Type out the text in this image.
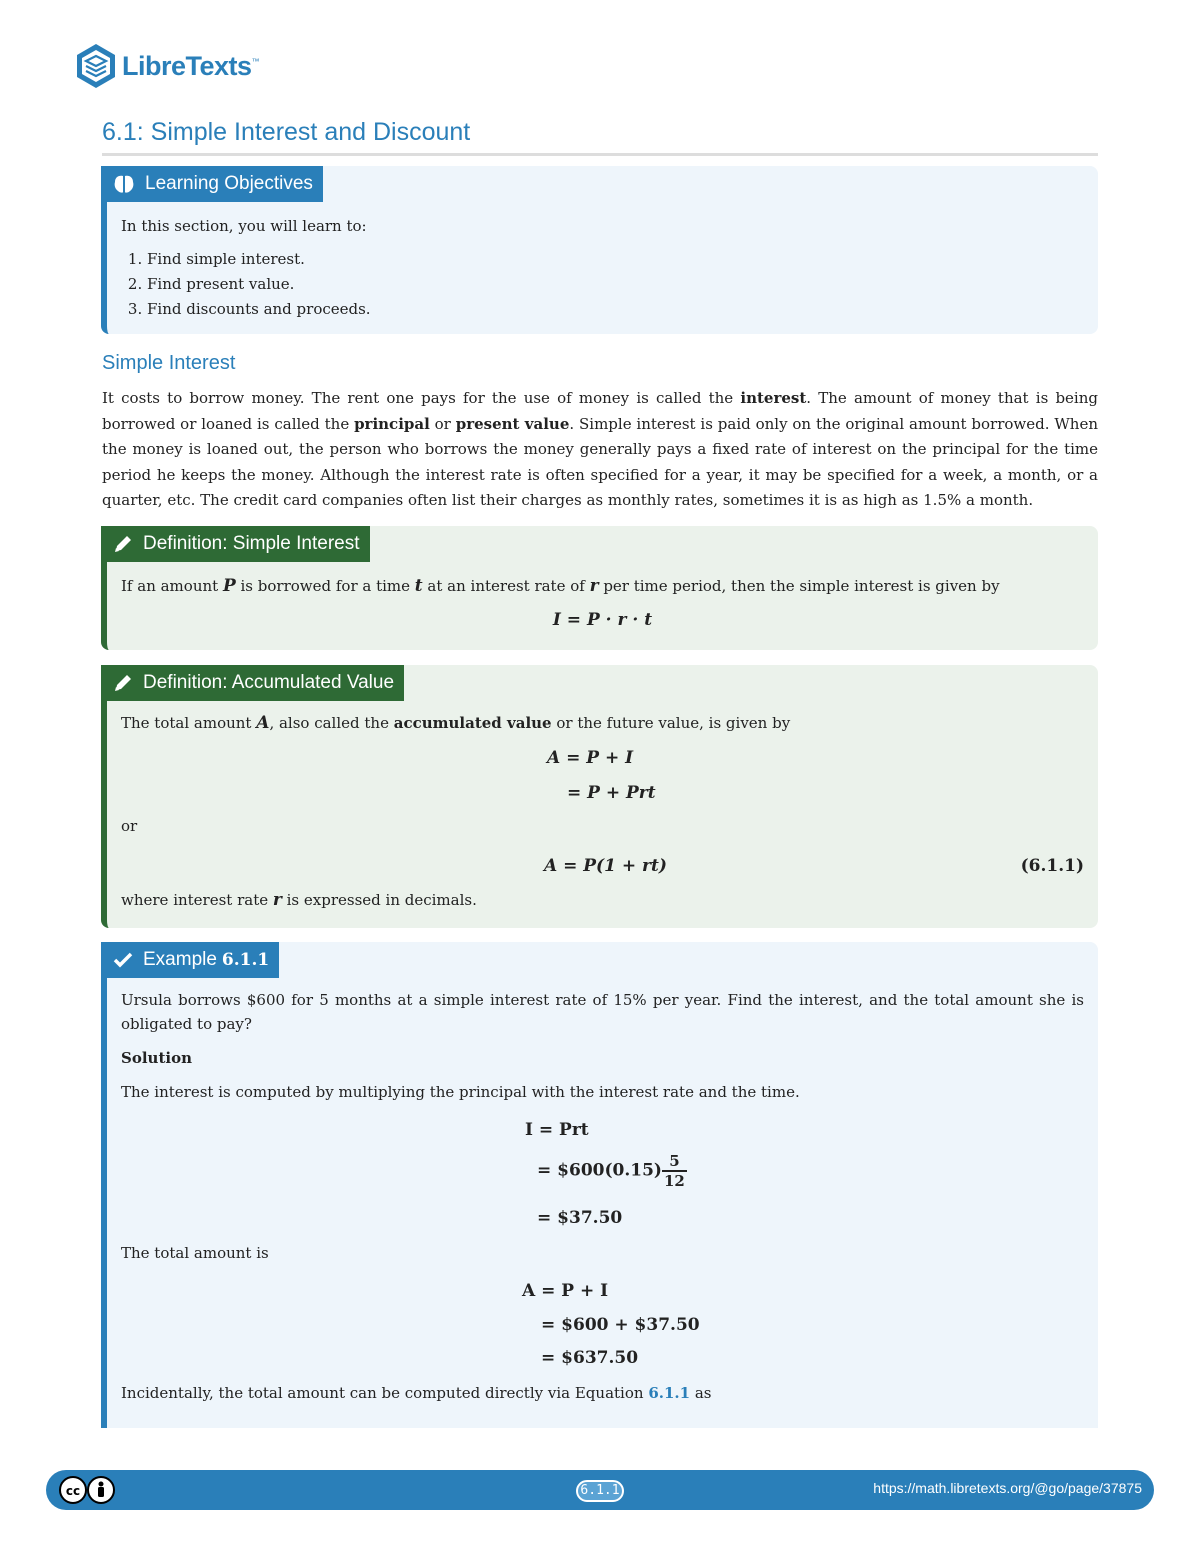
LibreTexts™
6.1: Simple Interest and Discount
Learning Objectives

In this section, you will learn to:

1. Find simple interest.
2. Find present value.
3. Find discounts and proceeds.
Simple Interest

It costs to borrow money. The rent one pays for the use of money is called the interest. The amount of money that is being borrowed or loaned is called the principal or present value. Simple interest is paid only on the original amount borrowed. When the money is loaned out, the person who borrows the money generally pays a fixed rate of interest on the principal for the time period he keeps the money. Although the interest rate is often specified for a year, it may be specified for a week, a month, or a quarter, etc. The credit card companies often list their charges as monthly rates, sometimes it is as high as 1.5% a month.

Definition: Simple Interest

If an amount P is borrowed for a time t at an interest rate of r per time period, then the simple interest is given by

I = P · r · t
Definition: Accumulated Value

The total amount A, also called the accumulated value or the future value, is given by

A = P + I
= P + Prt

or

A = P(1 + rt)	(6.1.1)

where interest rate r is expressed in decimals.

Example 6.1.1

Ursula borrows $600 for 5 months at a simple interest rate of 15% per year. Find the interest, and the total amount she is obligated to pay?

Solution

The interest is computed by multiplying the principal with the interest rate and the time.

I = Prt
= $600(0.15) $\frac{5}{12}$
= $37.50

The total amount is

A = P + I
= $600 + $37.50
= $637.50

Incidentally, the total amount can be computed directly via Equation 6.1.1 as

cc	6.1.1	https://math.libretexts.org/@go/page/37875
